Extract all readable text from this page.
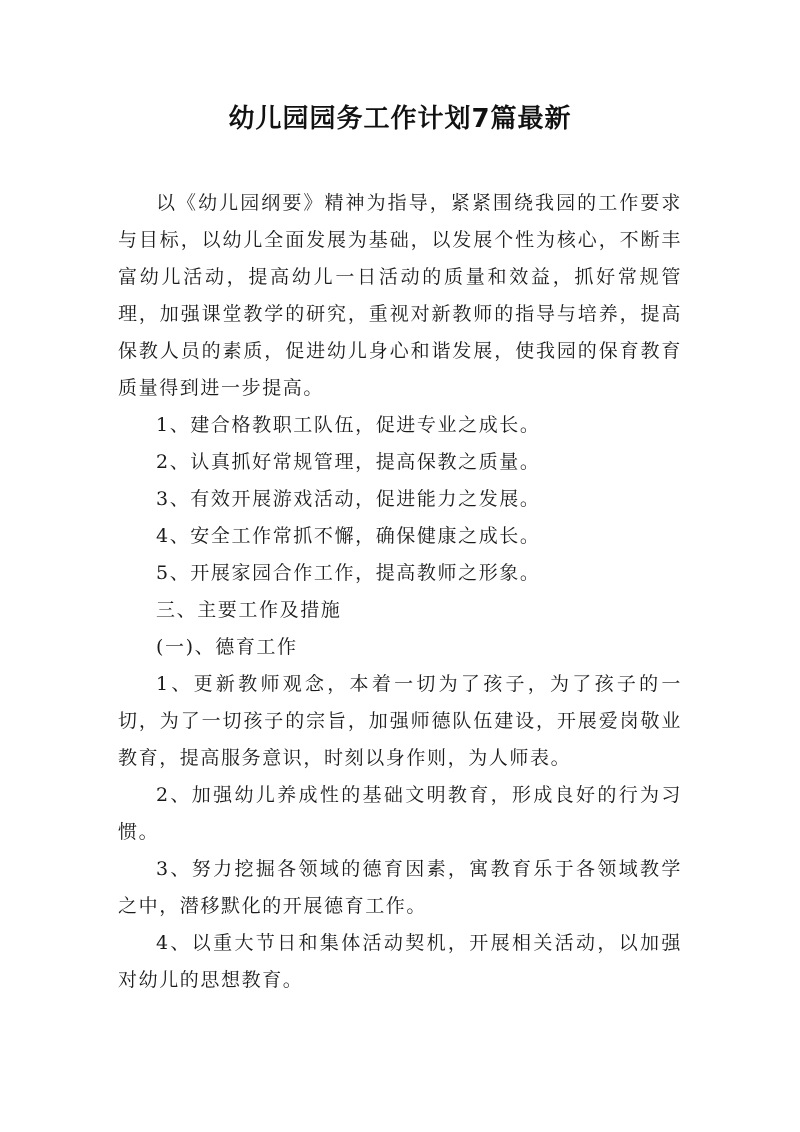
幼儿园园务工作计划7篇最新

以《幼儿园纲要》精神为指导，紧紧围绕我园的工作要求与目标，以幼儿全面发展为基础，以发展个性为核心，不断丰富幼儿活动，提高幼儿一日活动的质量和效益，抓好常规管理，加强课堂教学的研究，重视对新教师的指导与培养，提高保教人员的素质，促进幼儿身心和谐发展，使我园的保育教育质量得到进一步提高。

1、建合格教职工队伍，促进专业之成长。

2、认真抓好常规管理，提高保教之质量。

3、有效开展游戏活动，促进能力之发展。

4、安全工作常抓不懈，确保健康之成长。

5、开展家园合作工作，提高教师之形象。

三、主要工作及措施

(一)、德育工作

1、更新教师观念，本着一切为了孩子，为了孩子的一切，为了一切孩子的宗旨，加强师德队伍建设，开展爱岗敬业教育，提高服务意识，时刻以身作则，为人师表。

2、加强幼儿养成性的基础文明教育，形成良好的行为习惯。

3、努力挖掘各领域的德育因素，寓教育乐于各领域教学之中，潜移默化的开展德育工作。

4、以重大节日和集体活动契机，开展相关活动，以加强对幼儿的思想教育。
